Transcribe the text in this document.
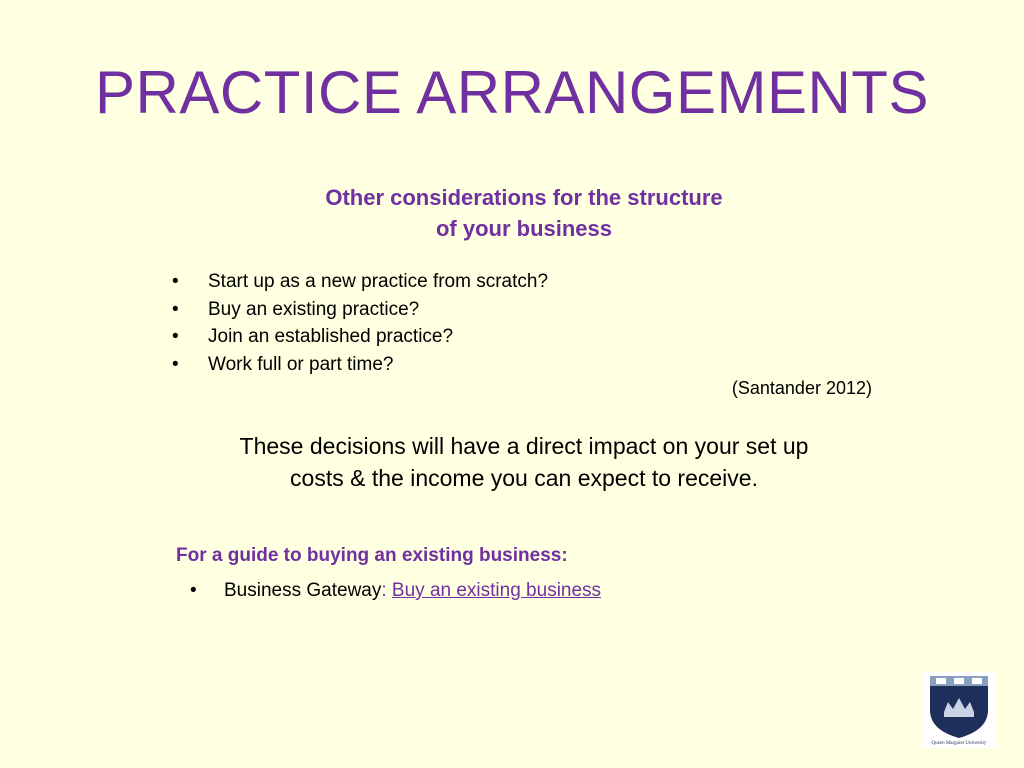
PRACTICE ARRANGEMENTS
Other considerations for the structure
of your business
• Start up as a new practice from scratch?
• Buy an existing practice?
• Join an established practice?
• Work full or part time?
(Santander 2012)
These decisions will have a direct impact on your set up
costs & the income you can expect to receive.
For a guide to buying an existing business:
• Business Gateway: Buy an existing business
Queen Margaret University
